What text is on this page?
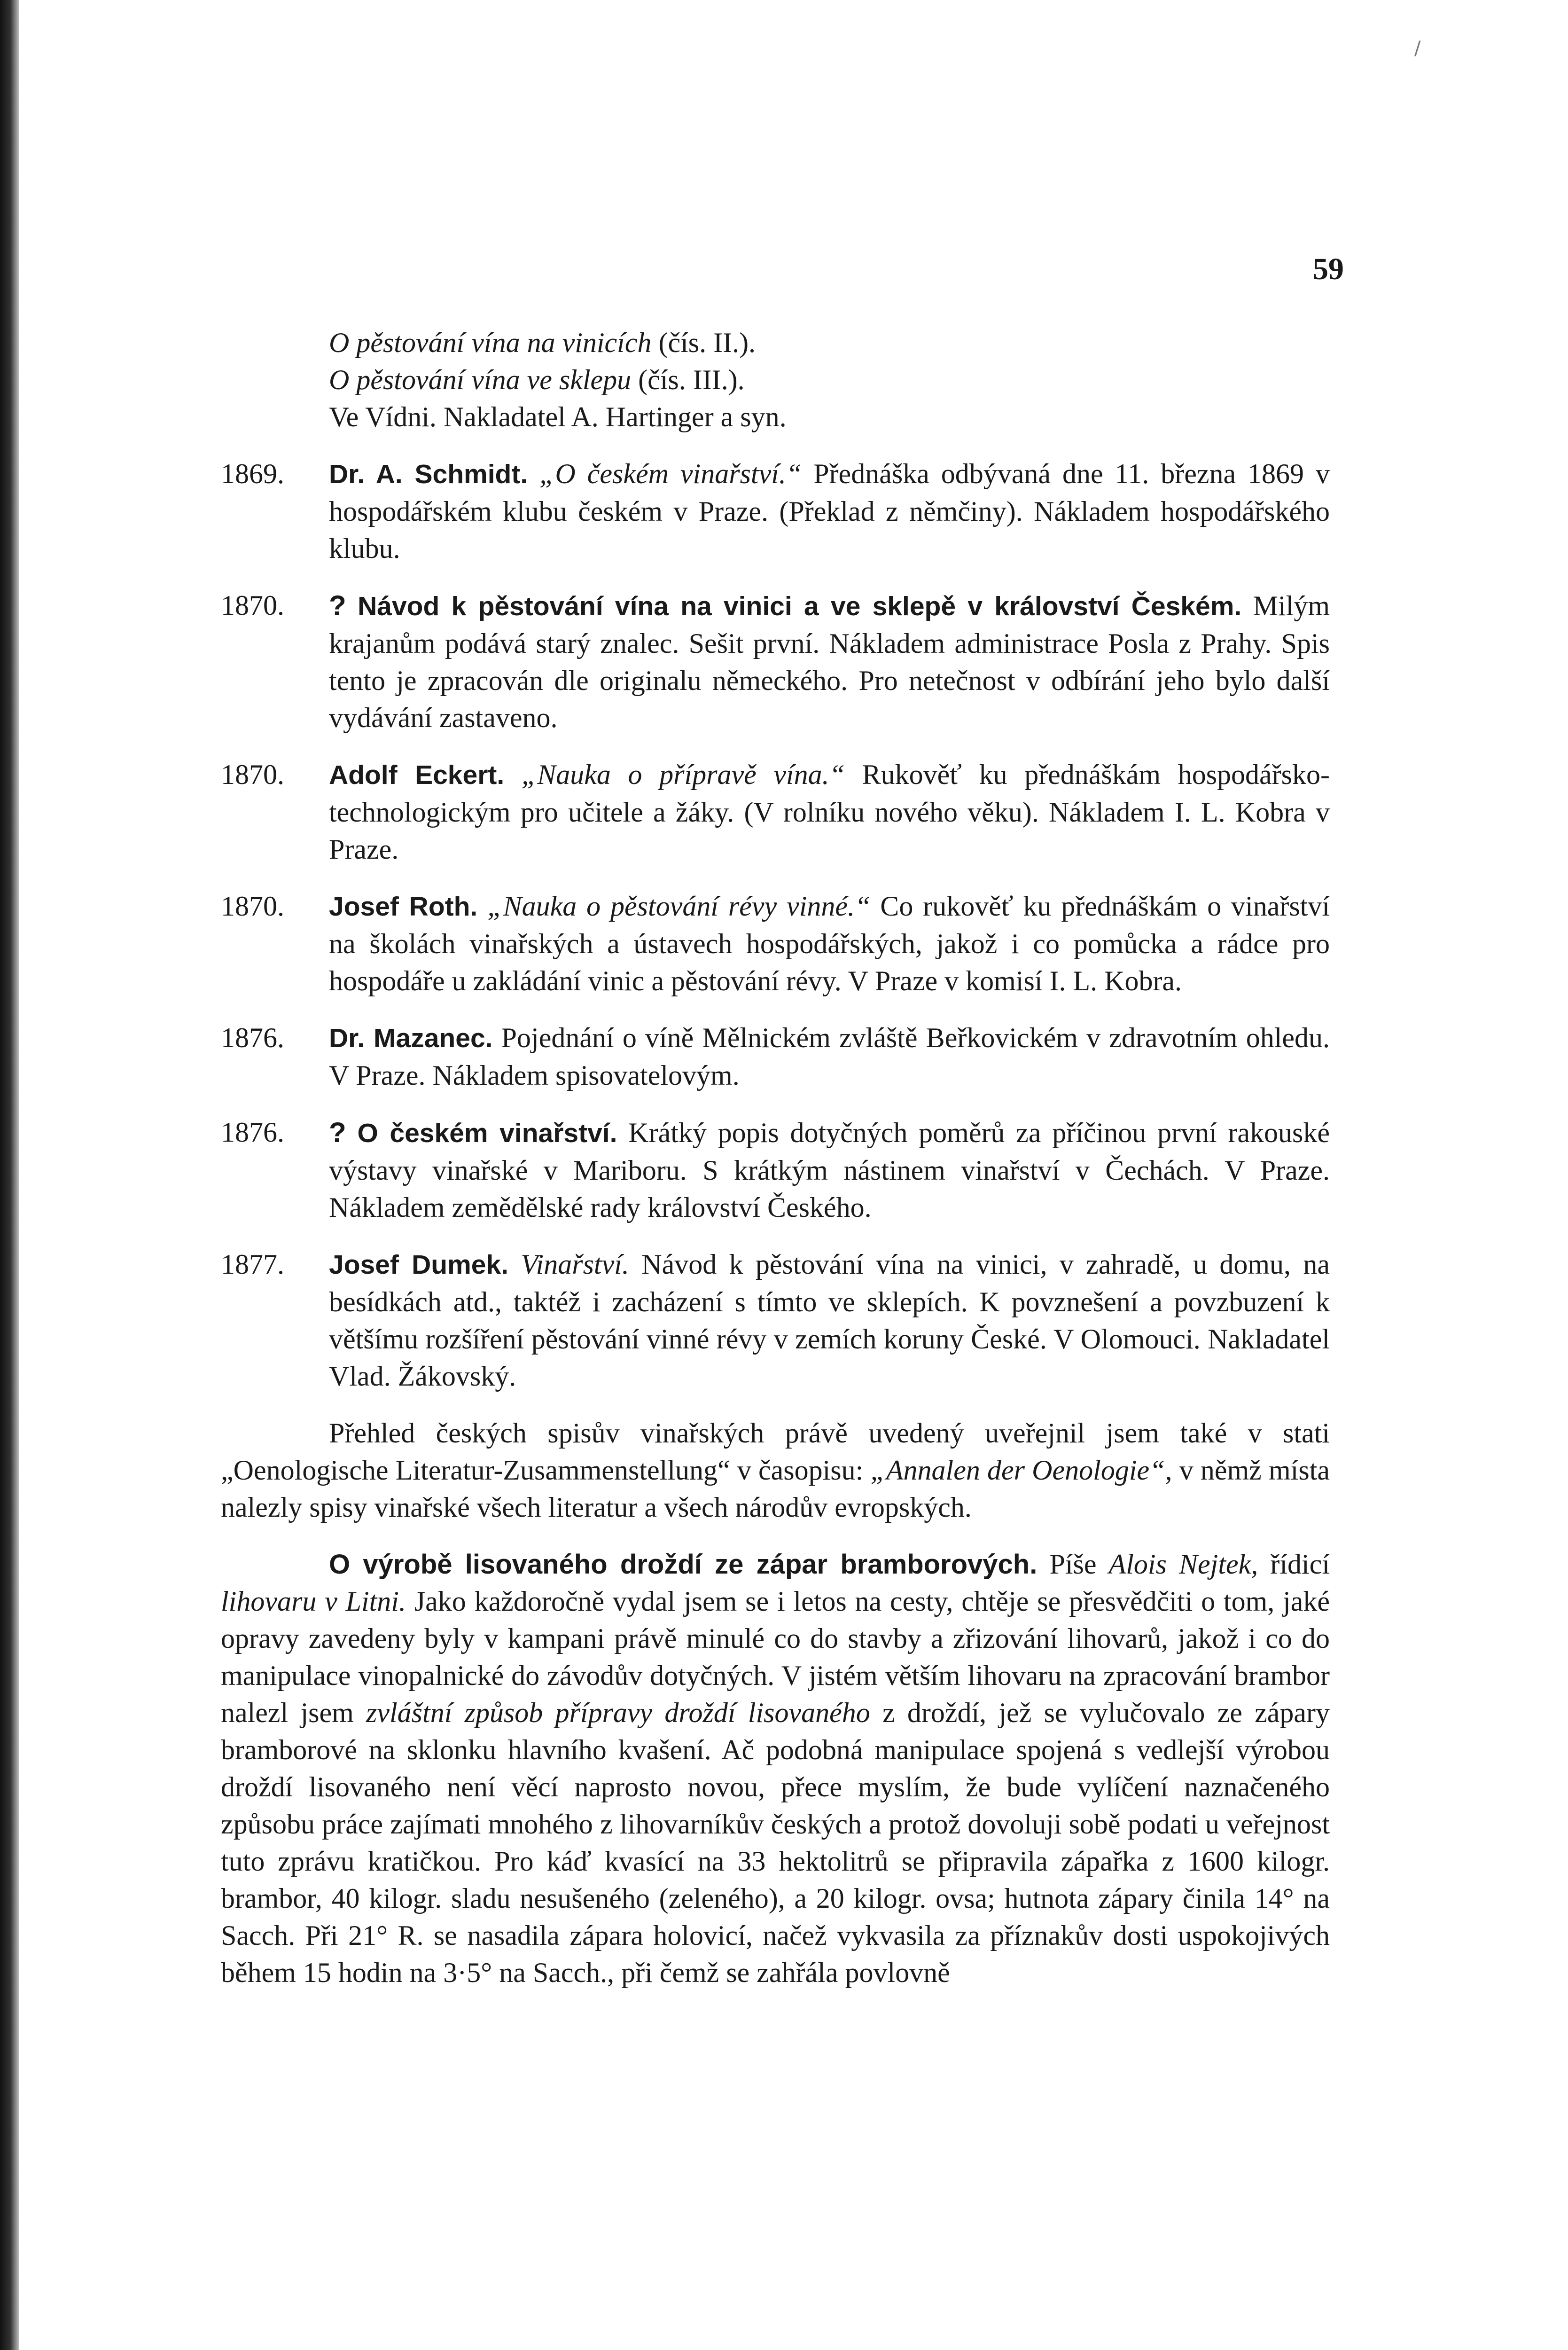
/
59
O pěstování vína na vinicích (čís. II.).
O pěstování vína ve sklepu (čís. III.).
Ve Vídni. Nakladatel A. Hartinger a syn.
1869. Dr. A. Schmidt. „O českém vinařství.“ Přednáška odbývaná dne 11. března 1869 v hospodářském klubu českém v Praze. (Překlad z němčiny). Nákladem hospodářského klubu.
1870. ? Návod k pěstování vína na vinici a ve sklepě v království Českém. Milým krajanům podává starý znalec. Sešit první. Nákladem administrace Posla z Prahy. Spis tento je zpracován dle originalu německého. Pro netečnost v odbírání jeho bylo další vydávání zastaveno.
1870. Adolf Eckert. „Nauka o přípravě vína.“ Rukověť ku přednáškám hospodářsko-technologickým pro učitele a žáky. (V rolníku nového věku). Nákladem I. L. Kobra v Praze.
1870. Josef Roth. „Nauka o pěstování révy vinné.“ Co rukověť ku přednáškám o vinařství na školách vinařských a ústavech hospodářských, jakož i co pomůcka a rádce pro hospodáře u zakládání vinic a pěstování révy. V Praze v komisí I. L. Kobra.
1876. Dr. Mazanec. Pojednání o víně Mělnickém zvláště Beřkovickém v zdravotním ohledu. V Praze. Nákladem spisovatelovým.
1876. ? O českém vinařství. Krátký popis dotyčných poměrů za příčinou první rakouské výstavy vinařské v Mariboru. S krátkým nástinem vinařství v Čechách. V Praze. Nákladem zemědělské rady království Českého.
1877. Josef Dumek. Vinařství. Návod k pěstování vína na vinici, v zahradě, u domu, na besídkách atd., taktéž i zacházení s tímto ve sklepích. K povznešení a povzbuzení k většímu rozšíření pěstování vinné révy v zemích koruny České. V Olomouci. Nakladatel Vlad. Žákovský.
Přehled českých spisův vinařských právě uvedený uveřejnil jsem také v stati „Oenologische Literatur-Zusammenstellung“ v časopisu: „Annalen der Oenologie“, v němž místa nalezly spisy vinařské všech literatur a všech národův evropských.
O výrobě lisovaného droždí ze zápar bramborových. Píše Alois Nejtek, řídicí lihovaru v Litni. Jako každoročně vydal jsem se i letos na cesty, chtěje se přesvědčiti o tom, jaké opravy zavedeny byly v kampani právě minulé co do stavby a zřizování lihovarů, jakož i co do manipulace vinopalnické do závodův dotyčných. V jistém větším lihovaru na zpracování brambor nalezl jsem zvláštní způsob přípravy droždí lisovaného z droždí, jež se vylučovalo ze zápary bramborové na sklonku hlavního kvašení. Ač podobná manipulace spojená s vedlejší výrobou droždí lisovaného není věcí naprosto novou, přece myslím, že bude vylíčení naznačeného způsobu práce zajímati mnohého z lihovarníkův českých a protož dovoluji sobě podati u veřejnost tuto zprávu kratičkou. Pro káď kvasící na 33 hektolitrů se připravila zápařka z 1600 kilogr. brambor, 40 kilogr. sladu nesušeného (zeleného), a 20 kilogr. ovsa; hutnota zápary činila 14° na Sacch. Při 21° R. se nasadila zápara holovicí, načež vykvasila za příznakův dosti uspokojivých během 15 hodin na 3·5° na Sacch., při čemž se zahřála povlovně
